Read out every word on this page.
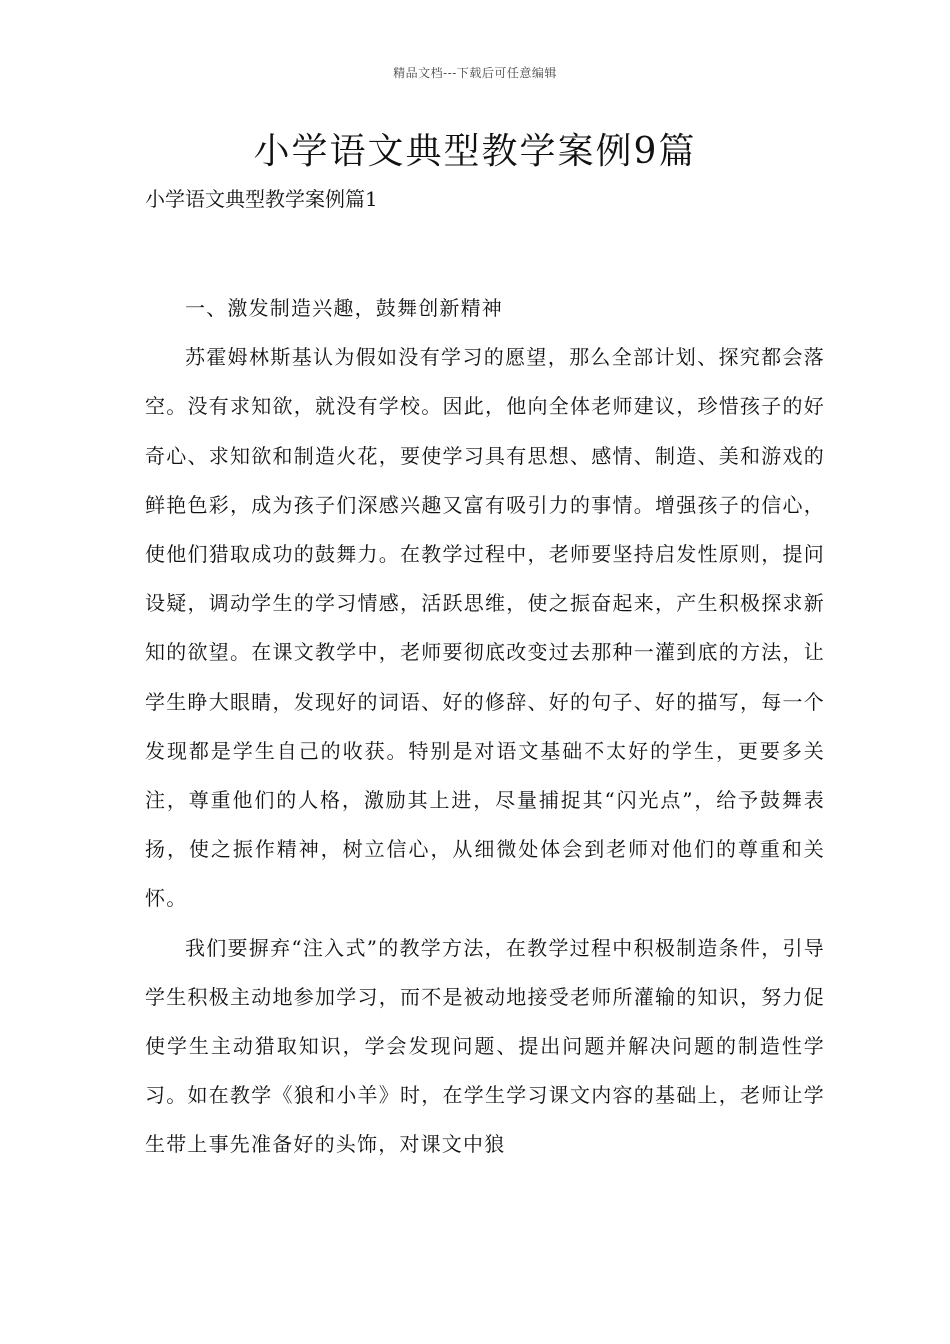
精品文档---下载后可任意编辑
小学语文典型教学案例9篇
小学语文典型教学案例篇1

一、激发制造兴趣，鼓舞创新精神

苏霍姆林斯基认为假如没有学习的愿望，那么全部计划、探究都会落空。没有求知欲，就没有学校。因此，他向全体老师建议，珍惜孩子的好奇心、求知欲和制造火花，要使学习具有思想、感情、制造、美和游戏的鲜艳色彩，成为孩子们深感兴趣又富有吸引力的事情。增强孩子的信心，使他们猎取成功的鼓舞力。在教学过程中，老师要坚持启发性原则，提问设疑，调动学生的学习情感，活跃思维，使之振奋起来，产生积极探求新知的欲望。在课文教学中，老师要彻底改变过去那种一灌到底的方法，让学生睁大眼睛，发现好的词语、好的修辞、好的句子、好的描写，每一个发现都是学生自己的收获。特别是对语文基础不太好的学生，更要多关注，尊重他们的人格，激励其上进，尽量捕捉其“闪光点”，给予鼓舞表扬，使之振作精神，树立信心，从细微处体会到老师对他们的尊重和关怀。

我们要摒弃“注入式”的教学方法，在教学过程中积极制造条件，引导学生积极主动地参加学习，而不是被动地接受老师所灌输的知识，努力促使学生主动猎取知识，学会发现问题、提出问题并解决问题的制造性学习。如在教学《狼和小羊》时，在学生学习课文内容的基础上，老师让学生带上事先准备好的头饰，对课文中狼
